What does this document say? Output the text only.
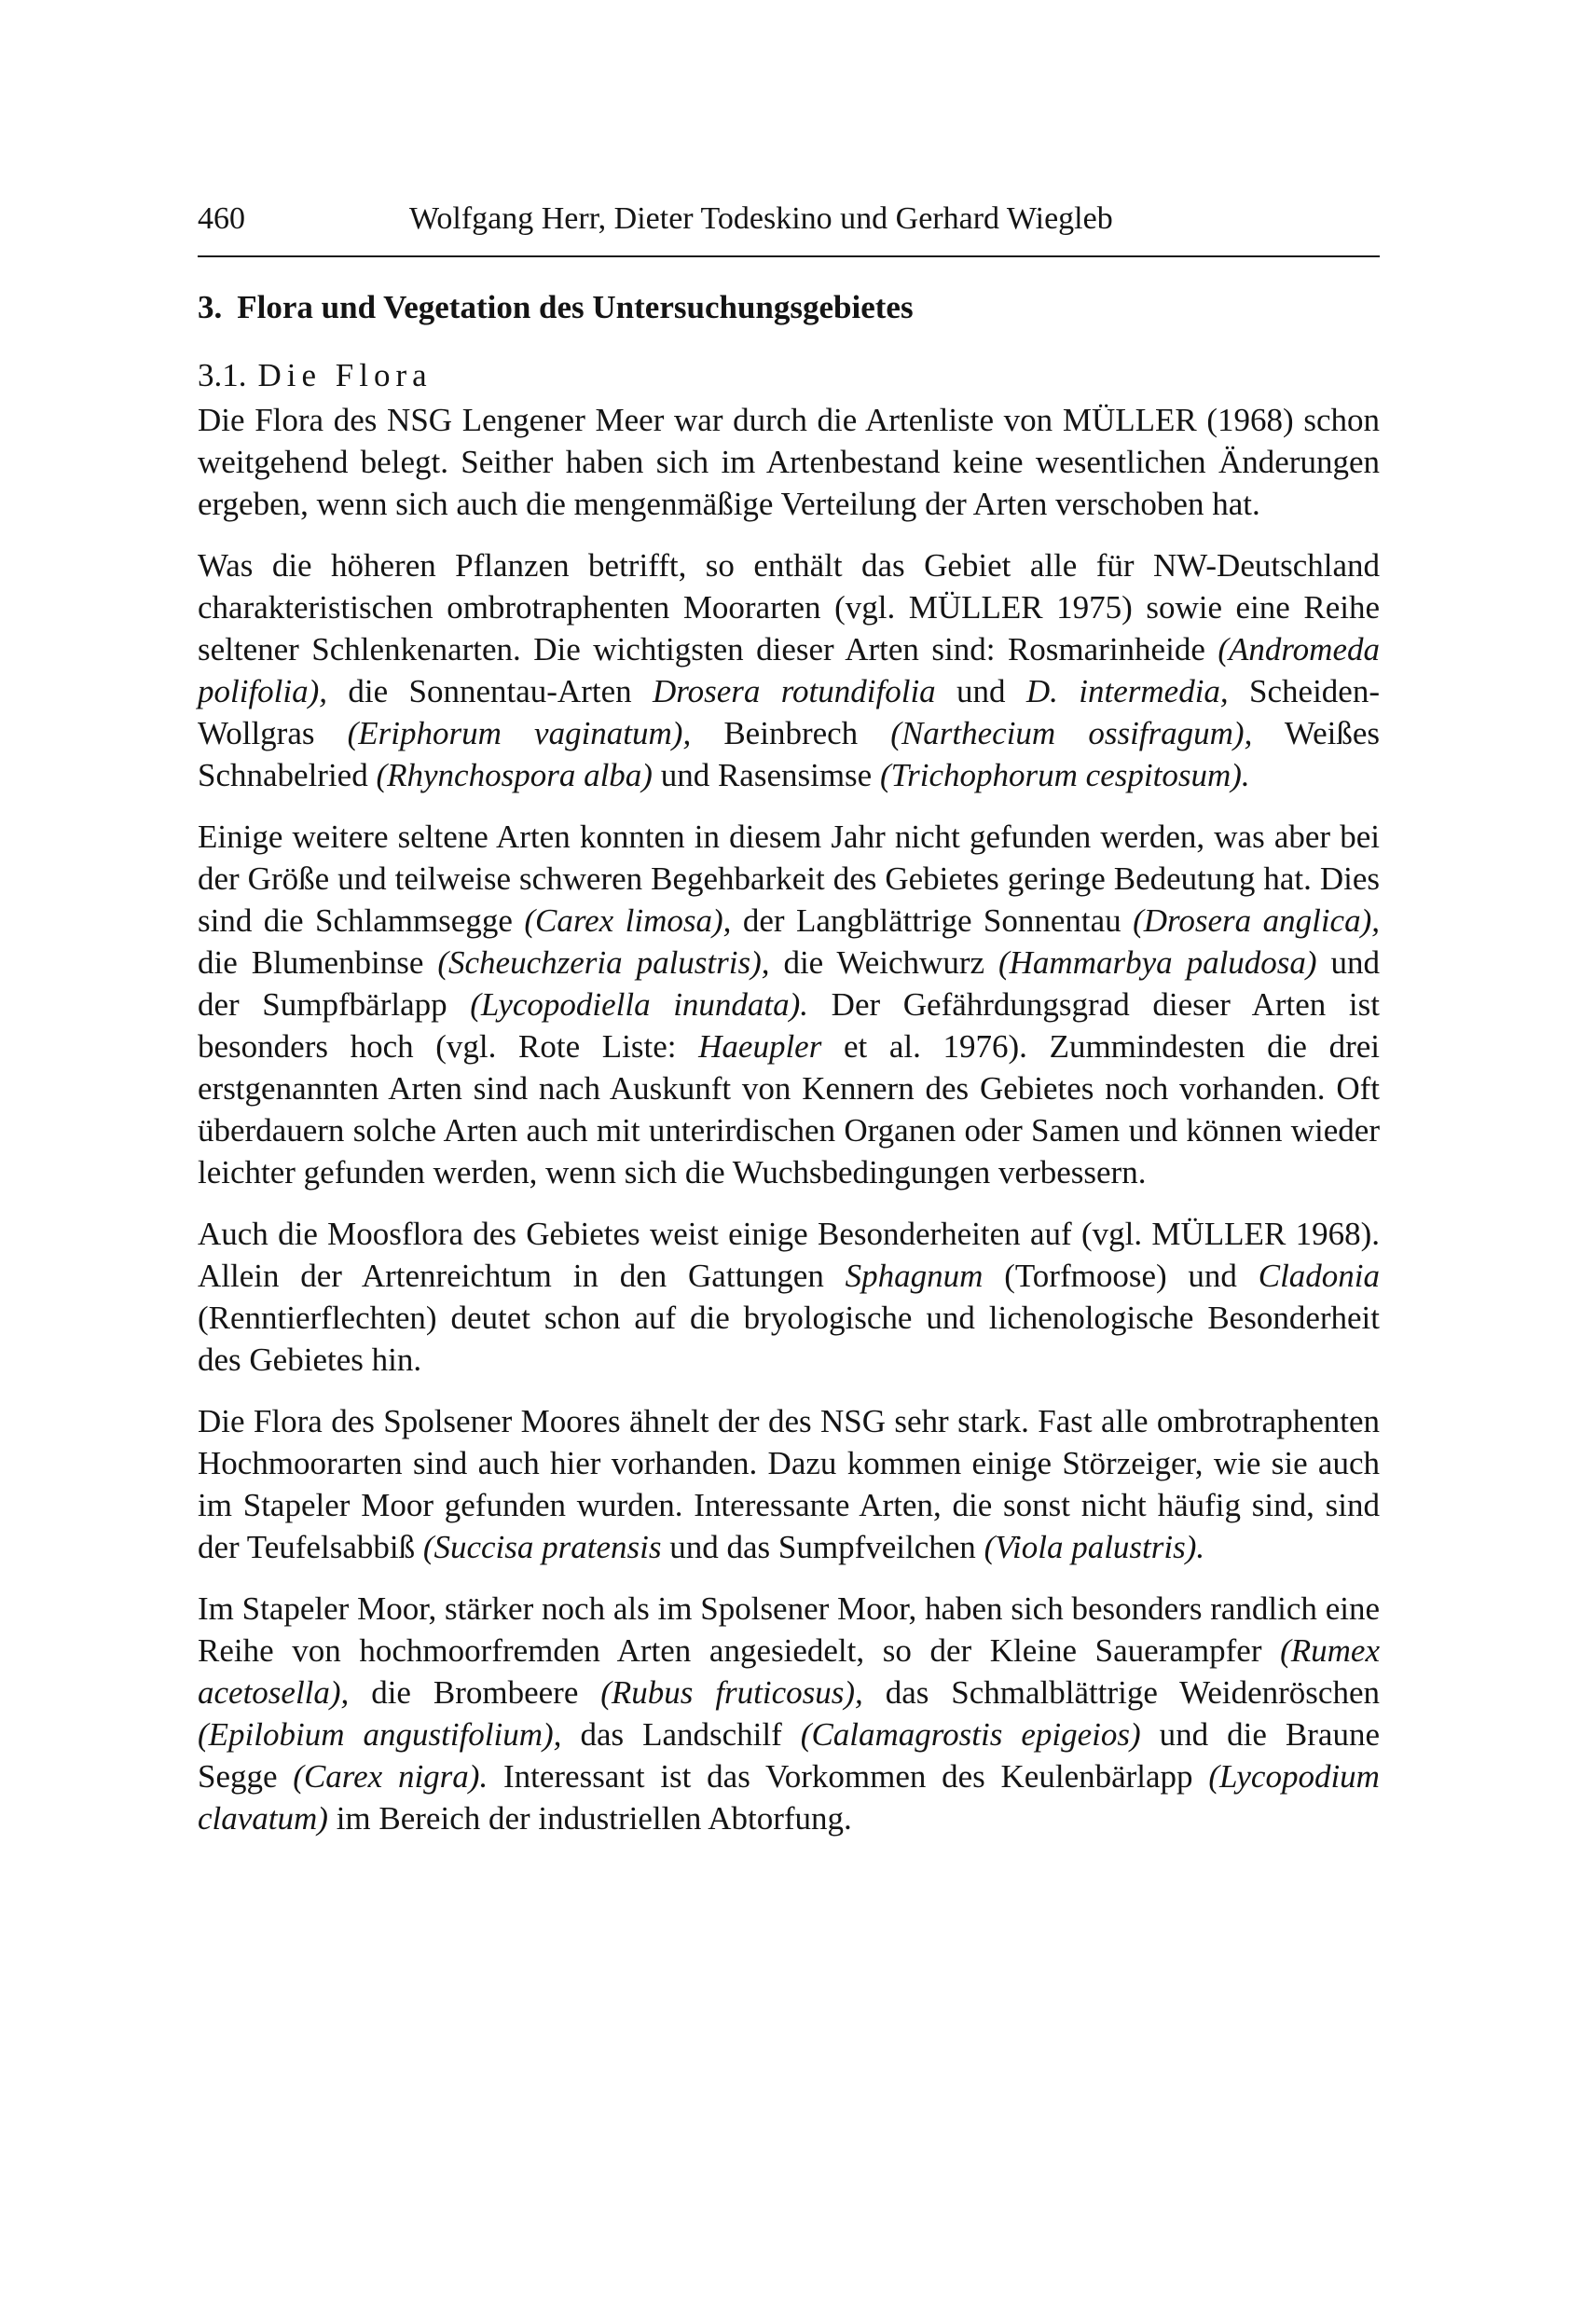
460	Wolfgang Herr, Dieter Todeskino und Gerhard Wiegleb
3. Flora und Vegetation des Untersuchungsgebietes
3.1. Die Flora

Die Flora des NSG Lengener Meer war durch die Artenliste von MÜLLER (1968) schon weitgehend belegt. Seither haben sich im Artenbestand keine wesentlichen Änderungen ergeben, wenn sich auch die mengenmäßige Verteilung der Arten verschoben hat.

Was die höheren Pflanzen betrifft, so enthält das Gebiet alle für NW-Deutschland charakteristischen ombrotraphenten Moorarten (vgl. MÜLLER 1975) sowie eine Reihe seltener Schlenkenarten. Die wichtigsten dieser Arten sind: Rosmarinheide (Andromeda polifolia), die Sonnentau-Arten Drosera rotundifolia und D. intermedia, Scheiden-Wollgras (Eriphorum vaginatum), Beinbrech (Narthecium ossifragum), Weißes Schnabelried (Rhynchospora alba) und Rasensimse (Trichophorum cespitosum).

Einige weitere seltene Arten konnten in diesem Jahr nicht gefunden werden, was aber bei der Größe und teilweise schweren Begehbarkeit des Gebietes geringe Bedeutung hat. Dies sind die Schlammsegge (Carex limosa), der Langblättrige Sonnentau (Drosera anglica), die Blumenbinse (Scheuchzeria palustris), die Weichwurz (Hammarbya paludosa) und der Sumpfbärlapp (Lycopodiella inundata). Der Gefährdungsgrad dieser Arten ist besonders hoch (vgl. Rote Liste: Haeupler et al. 1976). Zummindesten die drei erstgenannten Arten sind nach Auskunft von Kennern des Gebietes noch vorhanden. Oft überdauern solche Arten auch mit unterirdischen Organen oder Samen und können wieder leichter gefunden werden, wenn sich die Wuchsbedingungen verbessern.

Auch die Moosflora des Gebietes weist einige Besonderheiten auf (vgl. MÜLLER 1968). Allein der Artenreichtum in den Gattungen Sphagnum (Torfmoose) und Cladonia (Renntierflechten) deutet schon auf die bryologische und lichenologische Besonderheit des Gebietes hin.

Die Flora des Spolsener Moores ähnelt der des NSG sehr stark. Fast alle ombrotraphenten Hochmoorarten sind auch hier vorhanden. Dazu kommen einige Störzeiger, wie sie auch im Stapeler Moor gefunden wurden. Interessante Arten, die sonst nicht häufig sind, sind der Teufelsabbiß (Succisa pratensis und das Sumpfveilchen (Viola palustris).

Im Stapeler Moor, stärker noch als im Spolsener Moor, haben sich besonders randlich eine Reihe von hochmoorfremden Arten angesiedelt, so der Kleine Sauerampfer (Rumex acetosella), die Brombeere (Rubus fruticosus), das Schmalblättrige Weidenröschen (Epilobium angustifolium), das Landschilf (Calamagrostis epigeios) und die Braune Segge (Carex nigra). Interessant ist das Vorkommen des Keulenbärlapp (Lycopodium clavatum) im Bereich der industriellen Abtorfung.
